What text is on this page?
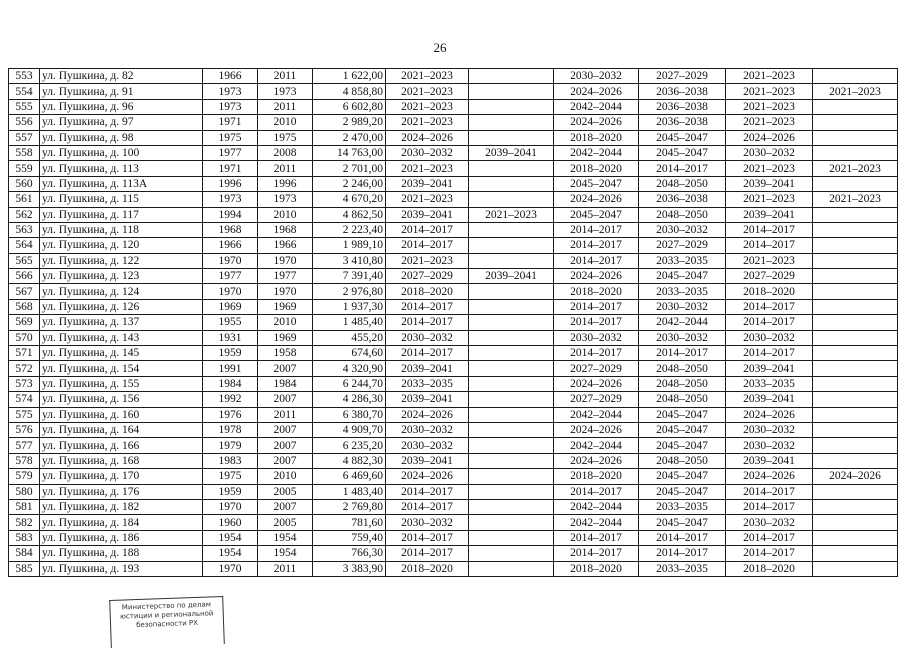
26
553	ул. Пушкина, д. 82	1966	2011	1 622,00	2021–2023		2030–2032	2027–2029	2021–2023	
554	ул. Пушкина, д. 91	1973	1973	4 858,80	2021–2023		2024–2026	2036–2038	2021–2023	2021–2023
555	ул. Пушкина, д. 96	1973	2011	6 602,80	2021–2023		2042–2044	2036–2038	2021–2023	
556	ул. Пушкина, д. 97	1971	2010	2 989,20	2021–2023		2024–2026	2036–2038	2021–2023	
557	ул. Пушкина, д. 98	1975	1975	2 470,00	2024–2026		2018–2020	2045–2047	2024–2026	
558	ул. Пушкина, д. 100	1977	2008	14 763,00	2030–2032	2039–2041	2042–2044	2045–2047	2030–2032	
559	ул. Пушкина, д. 113	1971	2011	2 701,00	2021–2023		2018–2020	2014–2017	2021–2023	2021–2023
560	ул. Пушкина, д. 113А	1996	1996	2 246,00	2039–2041		2045–2047	2048–2050	2039–2041	
561	ул. Пушкина, д. 115	1973	1973	4 670,20	2021–2023		2024–2026	2036–2038	2021–2023	2021–2023
562	ул. Пушкина, д. 117	1994	2010	4 862,50	2039–2041	2021–2023	2045–2047	2048–2050	2039–2041	
563	ул. Пушкина, д. 118	1968	1968	2 223,40	2014–2017		2014–2017	2030–2032	2014–2017	
564	ул. Пушкина, д. 120	1966	1966	1 989,10	2014–2017		2014–2017	2027–2029	2014–2017	
565	ул. Пушкина, д. 122	1970	1970	3 410,80	2021–2023		2014–2017	2033–2035	2021–2023	
566	ул. Пушкина, д. 123	1977	1977	7 391,40	2027–2029	2039–2041	2024–2026	2045–2047	2027–2029	
567	ул. Пушкина, д. 124	1970	1970	2 976,80	2018–2020		2018–2020	2033–2035	2018–2020	
568	ул. Пушкина, д. 126	1969	1969	1 937,30	2014–2017		2014–2017	2030–2032	2014–2017	
569	ул. Пушкина, д. 137	1955	2010	1 485,40	2014–2017		2014–2017	2042–2044	2014–2017	
570	ул. Пушкина, д. 143	1931	1969	455,20	2030–2032		2030–2032	2030–2032	2030–2032	
571	ул. Пушкина, д. 145	1959	1958	674,60	2014–2017		2014–2017	2014–2017	2014–2017	
572	ул. Пушкина, д. 154	1991	2007	4 320,90	2039–2041		2027–2029	2048–2050	2039–2041	
573	ул. Пушкина, д. 155	1984	1984	6 244,70	2033–2035		2024–2026	2048–2050	2033–2035	
574	ул. Пушкина, д. 156	1992	2007	4 286,30	2039–2041		2027–2029	2048–2050	2039–2041	
575	ул. Пушкина, д. 160	1976	2011	6 380,70	2024–2026		2042–2044	2045–2047	2024–2026	
576	ул. Пушкина, д. 164	1978	2007	4 909,70	2030–2032		2024–2026	2045–2047	2030–2032	
577	ул. Пушкина, д. 166	1979	2007	6 235,20	2030–2032		2042–2044	2045–2047	2030–2032	
578	ул. Пушкина, д. 168	1983	2007	4 882,30	2039–2041		2024–2026	2048–2050	2039–2041	
579	ул. Пушкина, д. 170	1975	2010	6 469,60	2024–2026		2018–2020	2045–2047	2024–2026	2024–2026
580	ул. Пушкина, д. 176	1959	2005	1 483,40	2014–2017		2014–2017	2045–2047	2014–2017	
581	ул. Пушкина, д. 182	1970	2007	2 769,80	2014–2017		2042–2044	2033–2035	2014–2017	
582	ул. Пушкина, д. 184	1960	2005	781,60	2030–2032		2042–2044	2045–2047	2030–2032	
583	ул. Пушкина, д. 186	1954	1954	759,40	2014–2017		2014–2017	2014–2017	2014–2017	
584	ул. Пушкина, д. 188	1954	1954	766,30	2014–2017		2014–2017	2014–2017	2014–2017	
585	ул. Пушкина, д. 193	1970	2011	3 383,90	2018–2020		2018–2020	2033–2035	2018–2020	
Министерство по делам
юстиции и региональной
безопасности РХ
